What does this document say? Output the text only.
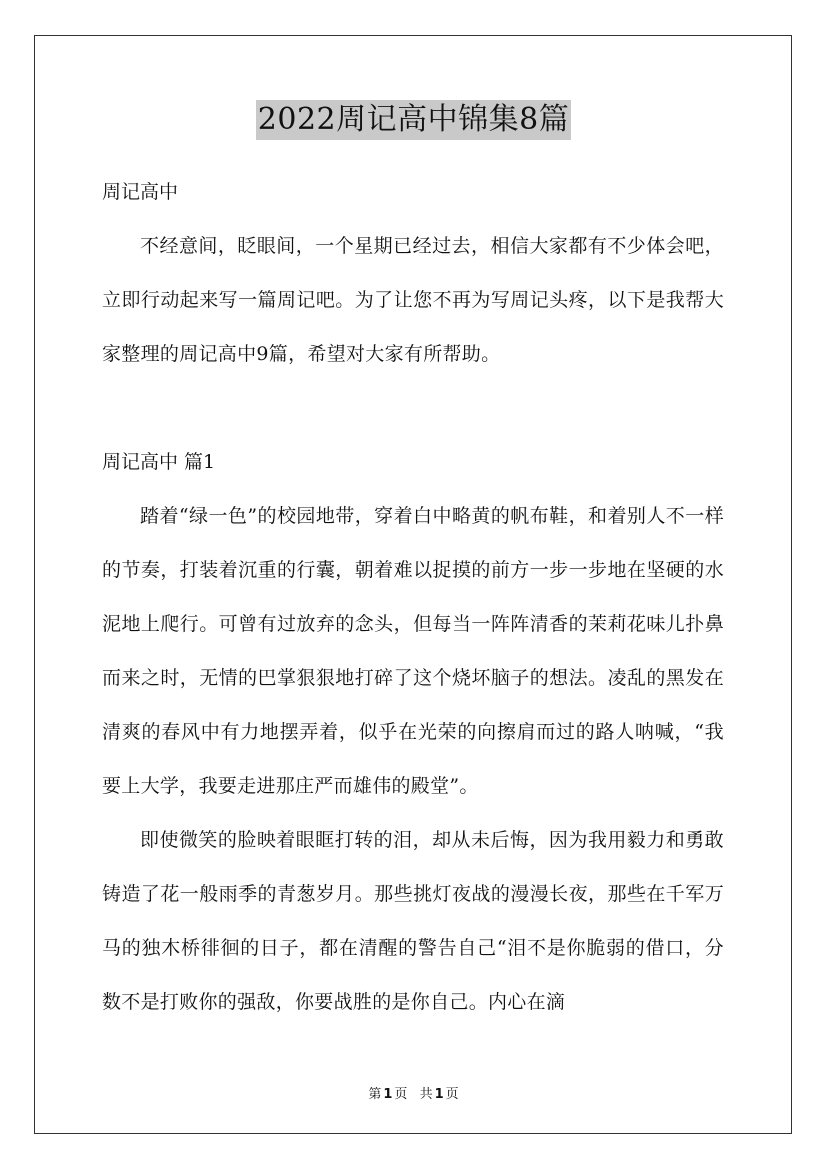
2022周记高中锦集8篇

周记高中

不经意间，眨眼间，一个星期已经过去，相信大家都有不少体会吧，立即行动起来写一篇周记吧。为了让您不再为写周记头疼，以下是我帮大家整理的周记高中9篇，希望对大家有所帮助。

周记高中 篇1

踏着“绿一色”的校园地带，穿着白中略黄的帆布鞋，和着别人不一样的节奏，打装着沉重的行囊，朝着难以捉摸的前方一步一步地在坚硬的水泥地上爬行。可曾有过放弃的念头，但每当一阵阵清香的茉莉花味儿扑鼻而来之时，无情的巴掌狠狠地打碎了这个烧坏脑子的想法。凌乱的黑发在清爽的春风中有力地摆弄着，似乎在光荣的向擦肩而过的路人呐喊，“我要上大学，我要走进那庄严而雄伟的殿堂”。

即使微笑的脸映着眼眶打转的泪，却从未后悔，因为我用毅力和勇敢铸造了花一般雨季的青葱岁月。那些挑灯夜战的漫漫长夜，那些在千军万马的独木桥徘徊的日子，都在清醒的警告自己“泪不是你脆弱的借口，分数不是打败你的强敌，你要战胜的是你自己。内心在滴

第 1 页 共 1 页
